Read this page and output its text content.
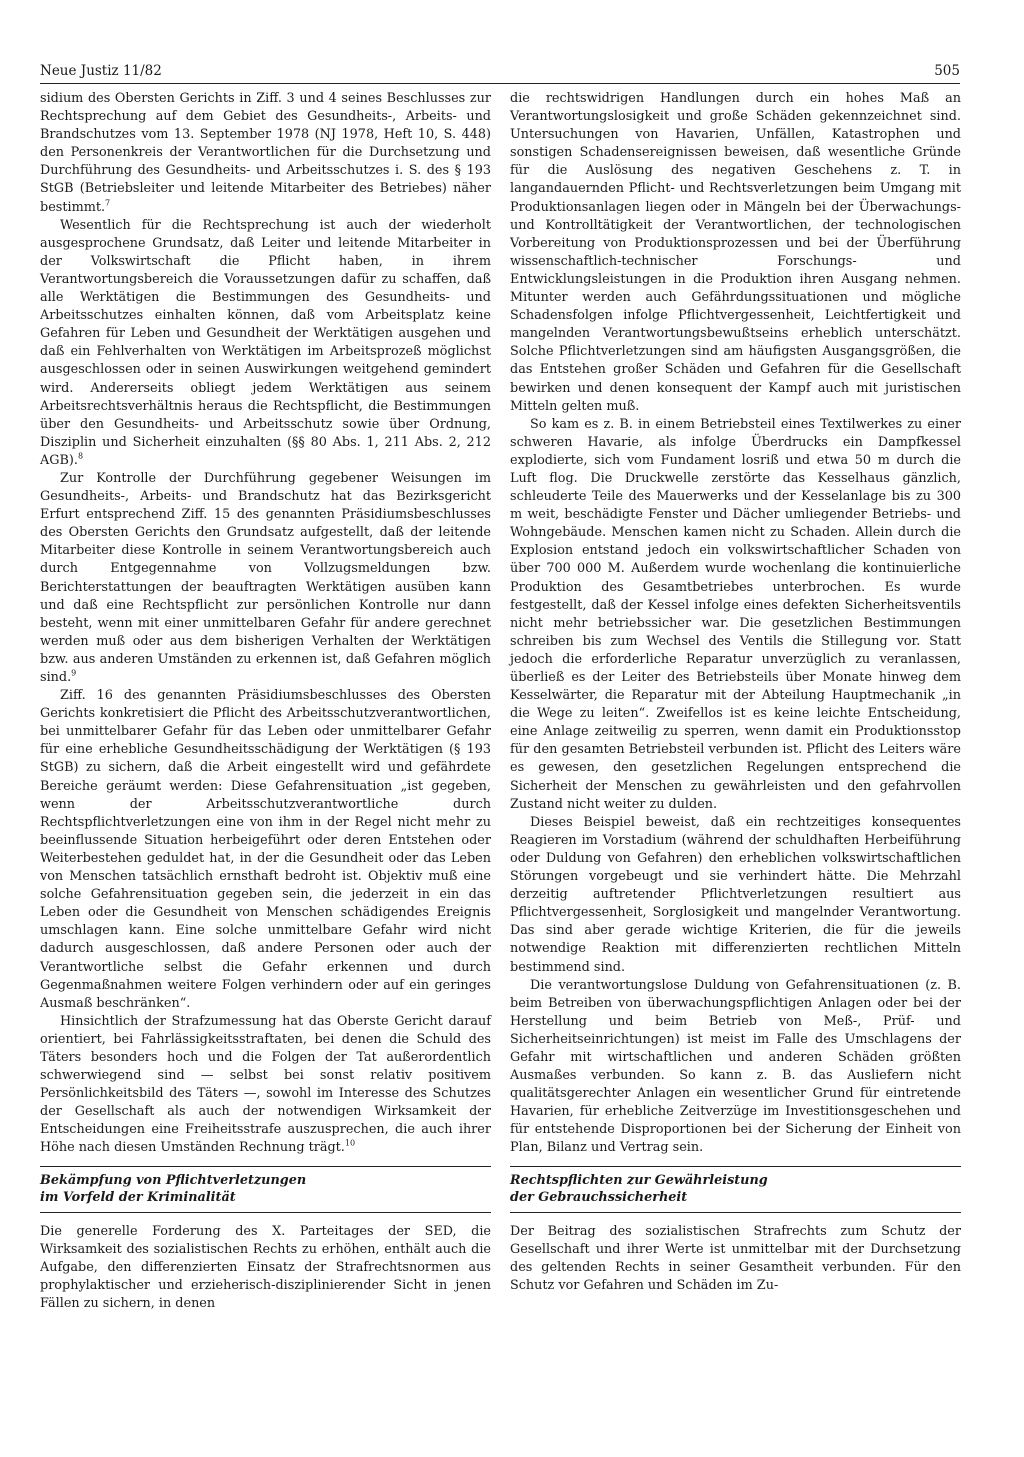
Neue Justiz 11/82	505

sidium des Obersten Gerichts in Ziff. 3 und 4 seines Beschlusses zur Rechtsprechung auf dem Gebiet des Gesundheits-, Arbeits- und Brandschutzes vom 13. September 1978 (NJ 1978, Heft 10, S. 448) den Personenkreis der Verantwortlichen für die Durchsetzung und Durchführung des Gesundheits- und Arbeitsschutzes i. S. des § 193 StGB (Betriebsleiter und leitende Mitarbeiter des Betriebes) näher bestimmt.$^7$

Wesentlich für die Rechtsprechung ist auch der wiederholt ausgesprochene Grundsatz, daß Leiter und leitende Mitarbeiter in der Volkswirtschaft die Pflicht haben, in ihrem Verantwortungsbereich die Voraussetzungen dafür zu schaffen, daß alle Werktätigen die Bestimmungen des Gesundheits- und Arbeitsschutzes einhalten können, daß vom Arbeitsplatz keine Gefahren für Leben und Gesundheit der Werktätigen ausgehen und daß ein Fehlverhalten von Werktätigen im Arbeitsprozeß möglichst ausgeschlossen oder in seinen Auswirkungen weitgehend gemindert wird. Andererseits obliegt jedem Werktätigen aus seinem Arbeitsrechtsverhältnis heraus die Rechtspflicht, die Bestimmungen über den Gesundheits- und Arbeitsschutz sowie über Ordnung, Disziplin und Sicherheit einzuhalten (§§ 80 Abs. 1, 211 Abs. 2, 212 AGB).$^8$

Zur Kontrolle der Durchführung gegebener Weisungen im Gesundheits-, Arbeits- und Brandschutz hat das Bezirksgericht Erfurt entsprechend Ziff. 15 des genannten Präsidiumsbeschlusses des Obersten Gerichts den Grundsatz aufgestellt, daß der leitende Mitarbeiter diese Kontrolle in seinem Verantwortungsbereich auch durch Entgegennahme von Vollzugsmeldungen bzw. Berichterstattungen der beauftragten Werktätigen ausüben kann und daß eine Rechtspflicht zur persönlichen Kontrolle nur dann besteht, wenn mit einer unmittelbaren Gefahr für andere gerechnet werden muß oder aus dem bisherigen Verhalten der Werktätigen bzw. aus anderen Umständen zu erkennen ist, daß Gefahren möglich sind.$^9$

Ziff. 16 des genannten Präsidiumsbeschlusses des Obersten Gerichts konkretisiert die Pflicht des Arbeitsschutzverantwortlichen, bei unmittelbarer Gefahr für das Leben oder unmittelbarer Gefahr für eine erhebliche Gesundheitsschädigung der Werktätigen (§ 193 StGB) zu sichern, daß die Arbeit eingestellt wird und gefährdete Bereiche geräumt werden: Diese Gefahrensituation „ist gegeben, wenn der Arbeitsschutzverantwortliche durch Rechtspflichtverletzungen eine von ihm in der Regel nicht mehr zu beeinflussende Situation herbeigeführt oder deren Entstehen oder Weiterbestehen geduldet hat, in der die Gesundheit oder das Leben von Menschen tatsächlich ernsthaft bedroht ist. Objektiv muß eine solche Gefahrensituation gegeben sein, die jederzeit in ein das Leben oder die Gesundheit von Menschen schädigendes Ereignis umschlagen kann. Eine solche unmittelbare Gefahr wird nicht dadurch ausgeschlossen, daß andere Personen oder auch der Verantwortliche selbst die Gefahr erkennen und durch Gegenmaßnahmen weitere Folgen verhindern oder auf ein geringes Ausmaß beschränken“.

Hinsichtlich der Strafzumessung hat das Oberste Gericht darauf orientiert, bei Fahrlässigkeitsstraftaten, bei denen die Schuld des Täters besonders hoch und die Folgen der Tat außerordentlich schwerwiegend sind — selbst bei sonst relativ positivem Persönlichkeitsbild des Täters —, sowohl im Interesse des Schutzes der Gesellschaft als auch der notwendigen Wirksamkeit der Entscheidungen eine Freiheitsstrafe auszusprechen, die auch ihrer Höhe nach diesen Umständen Rechnung trägt.$^{10}$

Bekämpfung von Pflichtverletzungen
im Vorfeld der Kriminalität

Die generelle Forderung des X. Parteitages der SED, die Wirksamkeit des sozialistischen Rechts zu erhöhen, enthält auch die Aufgabe, den differenzierten Einsatz der Strafrechtsnormen aus prophylaktischer und erzieherisch-disziplinierender Sicht in jenen Fällen zu sichern, in denen

die rechtswidrigen Handlungen durch ein hohes Maß an Verantwortungslosigkeit und große Schäden gekennzeichnet sind. Untersuchungen von Havarien, Unfällen, Katastrophen und sonstigen Schadensereignissen beweisen, daß wesentliche Gründe für die Auslösung des negativen Geschehens z. T. in langandauernden Pflicht- und Rechtsverletzungen beim Umgang mit Produktionsanlagen liegen oder in Mängeln bei der Überwachungs- und Kontrolltätigkeit der Verantwortlichen, der technologischen Vorbereitung von Produktionsprozessen und bei der Überführung wissenschaftlich-technischer Forschungs- und Entwicklungsleistungen in die Produktion ihren Ausgang nehmen. Mitunter werden auch Gefährdungssituationen und mögliche Schadensfolgen infolge Pflichtvergessenheit, Leichtfertigkeit und mangelnden Verantwortungsbewußtseins erheblich unterschätzt. Solche Pflichtverletzungen sind am häufigsten Ausgangsgrößen, die das Entstehen großer Schäden und Gefahren für die Gesellschaft bewirken und denen konsequent der Kampf auch mit juristischen Mitteln gelten muß.

So kam es z. B. in einem Betriebsteil eines Textilwerkes zu einer schweren Havarie, als infolge Überdrucks ein Dampfkessel explodierte, sich vom Fundament losriß und etwa 50 m durch die Luft flog. Die Druckwelle zerstörte das Kesselhaus gänzlich, schleuderte Teile des Mauerwerks und der Kesselanlage bis zu 300 m weit, beschädigte Fenster und Dächer umliegender Betriebs- und Wohngebäude. Menschen kamen nicht zu Schaden. Allein durch die Explosion entstand jedoch ein volkswirtschaftlicher Schaden von über 700 000 M. Außerdem wurde wochenlang die kontinuierliche Produktion des Gesamtbetriebes unterbrochen. Es wurde festgestellt, daß der Kessel infolge eines defekten Sicherheitsventils nicht mehr betriebssicher war. Die gesetzlichen Bestimmungen schreiben bis zum Wechsel des Ventils die Stillegung vor. Statt jedoch die erforderliche Reparatur unverzüglich zu veranlassen, überließ es der Leiter des Betriebsteils über Monate hinweg dem Kesselwärter, die Reparatur mit der Abteilung Hauptmechanik „in die Wege zu leiten“. Zweifellos ist es keine leichte Entscheidung, eine Anlage zeitweilig zu sperren, wenn damit ein Produktionsstop für den gesamten Betriebsteil verbunden ist. Pflicht des Leiters wäre es gewesen, den gesetzlichen Regelungen entsprechend die Sicherheit der Menschen zu gewährleisten und den gefahrvollen Zustand nicht weiter zu dulden.

Dieses Beispiel beweist, daß ein rechtzeitiges konsequentes Reagieren im Vorstadium (während der schuldhaften Herbeiführung oder Duldung von Gefahren) den erheblichen volkswirtschaftlichen Störungen vorgebeugt und sie verhindert hätte. Die Mehrzahl derzeitig auftretender Pflichtverletzungen resultiert aus Pflichtvergessenheit, Sorglosigkeit und mangelnder Verantwortung. Das sind aber gerade wichtige Kriterien, die für die jeweils notwendige Reaktion mit differenzierten rechtlichen Mitteln bestimmend sind.

Die verantwortungslose Duldung von Gefahrensituationen (z. B. beim Betreiben von überwachungspflichtigen Anlagen oder bei der Herstellung und beim Betrieb von Meß-, Prüf- und Sicherheitseinrichtungen) ist meist im Falle des Umschlagens der Gefahr mit wirtschaftlichen und anderen Schäden größten Ausmaßes verbunden. So kann z. B. das Ausliefern nicht qualitätsgerechter Anlagen ein wesentlicher Grund für eintretende Havarien, für erhebliche Zeitverzüge im Investitionsgeschehen und für entstehende Disproportionen bei der Sicherung der Einheit von Plan, Bilanz und Vertrag sein.

Rechtspflichten zur Gewährleistung
der Gebrauchssicherheit

Der Beitrag des sozialistischen Strafrechts zum Schutz der Gesellschaft und ihrer Werte ist unmittelbar mit der Durchsetzung des geltenden Rechts in seiner Gesamtheit verbunden. Für den Schutz vor Gefahren und Schäden im Zu-
